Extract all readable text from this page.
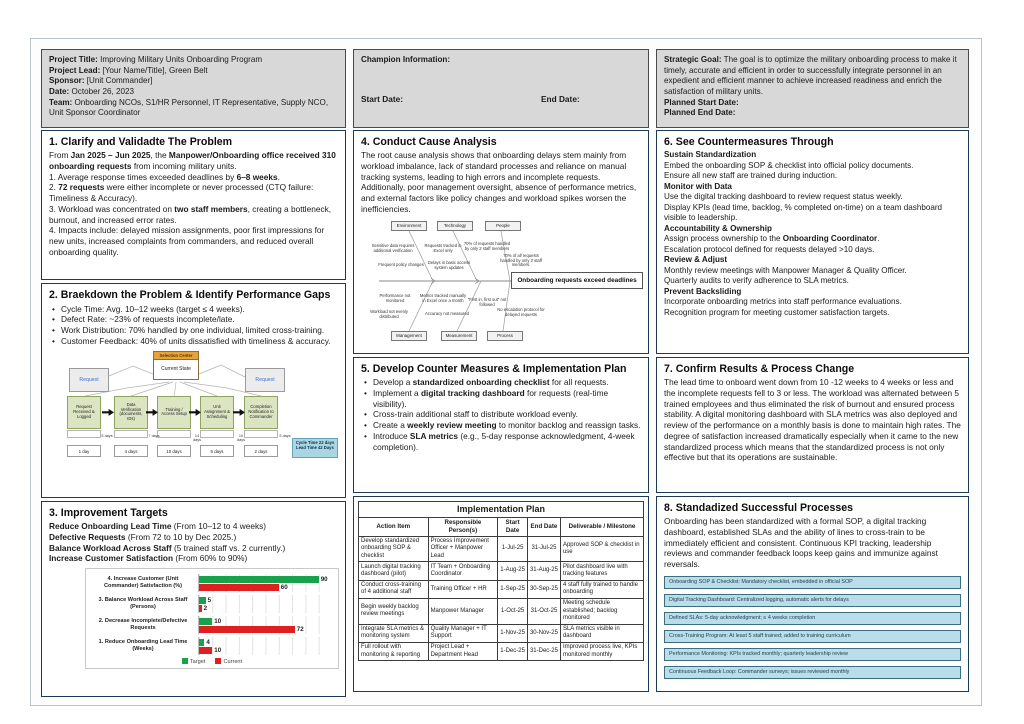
Project Title: Improving Military Units Onboarding Program
Project Lead: [Your Name/Title], Green Belt
Sponsor: [Unit Commander]
Date: October 26, 2023
Team: Onboarding NCOs, S1/HR Personnel, IT Representative, Supply NCO, Unit Sponsor Coordinator
1. Clarify and Validadte The Problem
From Jan 2025 – Jun 2025, the Manpower/Onboarding office received 310 onboarding requests from incoming military units.
1. Average response times exceeded deadlines by 6–8 weeks.
2. 72 requests were either incomplete or never processed (CTQ failure: Timeliness & Accuracy).
3. Workload was concentrated on two staff members, creating a bottleneck, burnout, and increased error rates.
4. Impacts include: delayed mission assignments, poor first impressions for new units, increased complaints from commanders, and reduced overall onboarding quality.
2. Braekdown the Problem & Identify Performance Gaps
• Cycle Time: Avg. 10–12 weeks (target ≤ 4 weeks).
• Defect Rate: ~23% of requests incomplete/late.
• Work Distribution: 70% handled by one individual, limited cross-training.
• Customer Feedback: 40% of units dissatisfied with timeliness & accuracy.
Selection Center
Current State
Request	Request
Request Received & Logged
Data Verification (documents, IDs)
Training / Access Setup
Unit Assignment & Scheduling
Completion Notification to Commander
1 day	4 days	10 days	5 days	2 days
5 days	7 days	14 days
10 days
5 days
Cycle Time 22 days
Lead Time 42 Days
3. Improvement Targets
Reduce Onboarding Lead Time (From 10–12 to 4 weeks)
Defective Requests (From 72 to 10 by Dec 2025.)
Balance Workload Across Staff (5 trained staff vs. 2 currently.)
Increase Customer Satisfaction (From 60% to 90%)
4. Increase Customer (Unit Commander) Satisfaction (%)
90
60
3. Balance Workload Across Staff (Persons)
5
2
2. Decrease Incomplete/Defective Requests
10
72
1. Reduce Onboarding Lead Time (Weeks)
4
10
Target	Current
Champion Information:
Start Date:	End Date:
4. Conduct Cause Analysis
The root cause analysis shows that onboarding delays stem mainly from workload imbalance, lack of standard processes and reliance on manual tracking systems, leading to high errors and incomplete requests. Additionally, poor management oversight, absence of performance metrics, and external factors like policy changes and workload spikes worsen the inefficiencies.
Environment	Technology	People
Management	Measurement	Process
Sensitive data requires additional verification
Frequent policy changes
Requests tracked in Excel only
Delays in basic access system updates
70% of requests handled by only 2 staff members
70% of all requests handled by only 2 staff members.
Performance not monitored
Workload not evenly distributed
Metrics tracked manually in Excel once a month
Accuracy not measured
"First in, first out" not followed
No escalation protocol for delayed requests
Onboarding requests exceed deadlines
5. Develop Counter Measures & Implementation Plan
• Develop a standardized onboarding checklist for all requests.
• Implement a digital tracking dashboard for requests (real-time visibility).
• Cross-train additional staff to distribute workload evenly.
• Create a weekly review meeting to monitor backlog and reassign tasks.
• Introduce SLA metrics (e.g., 5-day response acknowledgment, 4-week completion).
Implementation Plan				
Action Item	Responsible Person(s)	Start Date	End Date	Deliverable / Milestone
Develop standardized onboarding SOP & checklist	Process Improvement Officer + Manpower Lead	1-Jul-25	31-Jul-25	Approved SOP & checklist in use
Launch digital tracking dashboard (pilot)	IT Team + Onboarding Coordinator	1-Aug-25	31-Aug-25	Pilot dashboard live with tracking features
Conduct cross-training of 4 additional staff	Training Officer + HR	1-Sep-25	30-Sep-25	4 staff fully trained to handle onboarding
Begin weekly backlog review meetings	Manpower Manager	1-Oct-25	31-Oct-25	Meeting schedule established; backlog monitored
Integrate SLA metrics & monitoring system	Quality Manager + IT Support	1-Nov-25	30-Nov-25	SLA metrics visible in dashboard
Full rollout with monitoring & reporting	Project Lead + Department Head	1-Dec-25	31-Dec-25	Improved process live, KPIs monitored monthly
Strategic Goal: The goal is to optimize the military onboarding process to make it timely, accurate and efficient in order to successfully integrate personnel in an expedient and efficient manner to achieve increased readiness and enrich the satisfaction of military units.
Planned Start Date:
Planned End Date:
6. See Countermeasures Through
Sustain Standardization
Embed the onboarding SOP & checklist into official policy documents.
Ensure all new staff are trained during induction.
Monitor with Data
Use the digital tracking dashboard to review request status weekly.
Display KPIs (lead time, backlog, % completed on-time) on a team dashboard visible to leadership.
Accountability & Ownership
Assign process ownership to the Onboarding Coordinator.
Escalation protocol defined for requests delayed >10 days.
Review & Adjust
Monthly review meetings with Manpower Manager & Quality Officer.
Quarterly audits to verify adherence to SLA metrics.
Prevent Backsliding
Incorporate onboarding metrics into staff performance evaluations.
Recognition program for meeting customer satisfaction targets.
7. Confirm Results & Process Change
The lead time to onboard went down from 10 -12 weeks to 4 weeks or less and the incomplete requests fell to 3 or less. The workload was alternated between 5 trained employees and thus eliminated the risk of burnout and ensured process stability. A digital monitoring dashboard with SLA metrics was also deployed and review of the performance on a monthly basis is done to maintain high rates. The degree of satisfaction increased dramatically especially when it came to the new standardized process which means that the standardized process is not only effective but that its operations are sustainable.
8. Standadized Successful Processes
Onboarding has been standardized with a formal SOP, a digital tracking dashboard, established SLAs and the ability of lines to cross-train to be immediately efficient and consistent. Continuous KPI tracking, leadership reviews and commander feedback loops keep gains and immunize against reversals.
Onboarding SOP & Checklist: Mandatory checklist, embedded in official SOP
Digital Tracking Dashboard: Centralized logging, automatic alerts for delays
Defined SLAs: 5-day acknowledgment; ≤ 4 weeks completion
Cross-Training Program: At least 5 staff trained; added to training curriculum
Performance Monitoring: KPIs tracked monthly; quarterly leadership review
Continuous Feedback Loop: Commander surveys; issues reviewed monthly
